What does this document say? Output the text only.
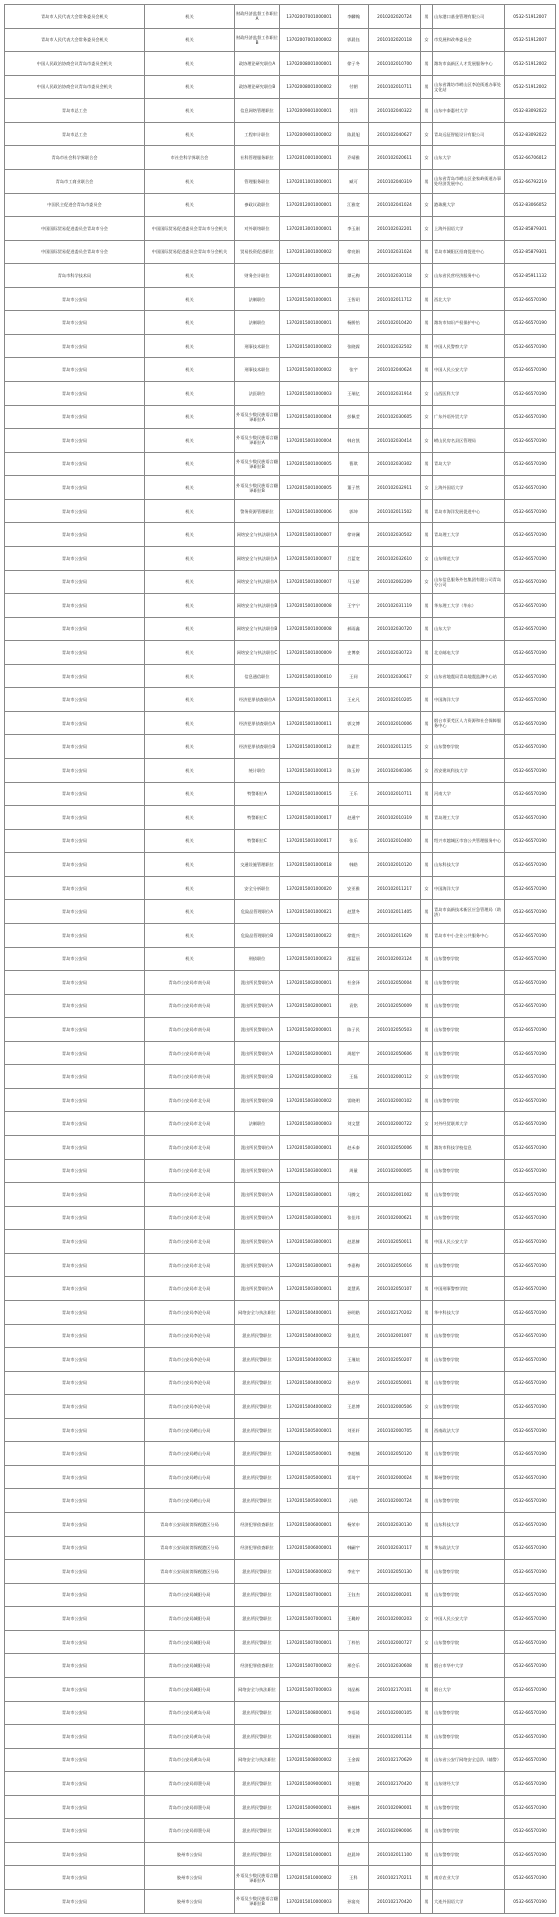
青岛市人民代表大会常务委员会机关	机关	财政经济监督工作职位A	13702007001000001	李麟翰	2010202020724	男	山东港口基金管理有限公司	0532-51912007
青岛市人民代表大会常务委员会机关	机关	财政经济监督工作职位B	13702007001000002	郭晨钰	2010102020118	女	市发展和改革委员会	0532-51912007
中国人民政治协商会议青岛市委员会机关	机关	政协理论研究职位A	13702008001000001	徐子冬	2010102010700	男	潍坊市高新区人才发展服务中心	0532-51912002
中国人民政治协商会议青岛市委员会机关	机关	政协理论研究职位B	13702008001000002	付朝	2010102010711	男	山东省潍坊市崂山区李沧街道办事处文化站	0532-51912002
青岛市总工会	机关	信息网络管理职位	13702009001000001	刘洋	2010102040322	男	山东中泰惠村大学	0532-83092022
青岛市总工会	机关	工程审计职位	13702009001000002	陈晨旭	2010102040627	女	青岛远征智能设计有限公司	0532-83092022
青岛市社会科学界联合会	市社会科学界联合会	社科管理服务职位	13702010001000001	乔靖雅	2010102020611	女	山东大学	0532-66706012
青岛市工商业联合会	机关	管理服务职位	13702011001000001	臧可	2010102040319	男	山东省青岛市崂山区金家岭街道办事处经济发展中心	0532-66792219
中国民主促进会青岛市委员会	机关	参政议政职位	13702012001000001	江雅宽	2010102041024	女	港珠澳大学	0532-83066052
中国国际贸易促进委员会青岛市分会	中国国际贸易促进委员会青岛市分会机关	对外联络职位	13702013001000001	李玉刚	2010102032201	女	上海外国语大学	0532-85879301
中国国际贸易促进委员会青岛市分会	中国国际贸易促进委员会青岛市分会机关	贸易投资促进职位	13702013001000002	徐亮娟	2010102031024	男	青岛市城阳区招商促进中心	0532-85879301
青岛市科学技术局	机关	财务会计职位	13702014001000001	谭元梅	2010102030118	女	山东省民营经济服务中心	0532-85911132
青岛市公安局	机关	法制职位	13702015001000001	王智玥	2010102011712	男	西北大学	0532-66570190
青岛市公安局	机关	法制职位	13702015001000001	杨勝怡	2010102010420	男	潍坊市知识产权保护中心	0532-66570190
青岛市公安局	机关	刑事技术职位	13702015001000002	张晓霖	2010102032502	男	中国人民警察大学	0532-66570190
青岛市公安局	机关	刑事技术职位	13702015001000002	张宇	2010102040624	男	中国人民公安大学	0532-66570190
青岛市公安局	机关	法医职位	13702015001000003	王瑞亿	2010102031914	女	山西医科大学	0532-66570190
青岛市公安局	机关	外语及少数民族语言翻译职位A	13702015001000004	彭佩莹	2010102030605	女	广东外语外贸大学	0532-66570190
青岛市公安局	机关	外语及少数民族语言翻译职位A	13702015001000004	韩启凯	2010102030414	女	崂山民房名县区管理局	0532-66570190
青岛市公安局	机关	外语及少数民族语言翻译职位B	13702015001000005	曹琪	2010102030302	男	青岛大学	0532-66570190
青岛市公安局	机关	外语及少数民族语言翻译职位B	13702015001000005	董子然	2010102032911	女	上海外国语大学	0532-66570190
青岛市公安局	机关	警务资源管理职位	13702015001000006	郭坤	2010102011502	男	青岛市海洋发展促进中心	0532-66570190
青岛市公安局	机关	网络安全与执法职位A	13702015001000007	徐诗澜	2010102030502	男	青岛理工大学	0532-66570190
青岛市公安局	机关	网络安全与执法职位A	13702015001000007	吕蓝宽	2010102032610	女	山东师范大学	0532-66570190
青岛市公安局	机关	网络安全与执法职位A	13702015001000007	马玉娇	2010102002209	女	山东信息服务外包集团有限公司青岛分公司	0532-66570190
青岛市公安局	机关	网络安全与执法职位B	13702015001000008	王宇宁	2010102031119	男	华东理工大学（华东）	0532-66570190
青岛市公安局	机关	网络安全与执法职位B	13702015001000008	郝雨鑫	2010102030720	男	山东大学	0532-66570190
青岛市公安局	机关	网络安全与执法职位C	13702015001000009	史博豪	2010102030723	男	北京邮电大学	0532-66570190
青岛市公安局	机关	信息通信职位	13702015001000010	王同	2010102030617	女	山东省地震局青岛地震监测中心站	0532-66570190
青岛市公安局	机关	经济犯罪侦查职位A	13702015001000011	王允凡	2010102010205	男	中国海洋大学	0532-66570190
青岛市公安局	机关	经济犯罪侦查职位A	13702015001000011	郭文博	2010102010006	男	烟台市莱芜区人力资源和社会保障服务中心	0532-66570190
青岛市公安局	机关	经济犯罪侦查职位B	13702015001000012	陈素世	2010102011215	女	山东警察学院	0532-66570190
青岛市公安局	机关	统计职位	13702015001000013	陈玉婷	2010102040306	女	西安建筑科技大学	0532-66570190
青岛市公安局	机关	特警职位A	13702015001000015	王乐	2010102010711	男	河南大学	0532-66570190
青岛市公安局	机关	特警职位C	13702015001000017	赵通宇	2010102010319	男	青岛理工大学	0532-66570190
青岛市公安局	机关	特警职位C	13702015001000017	张乐	2010102010400	男	绍兴市越城区市容公共管理服务中心	0532-66570190
青岛市公安局	机关	交通设施管理职位	13702015001000018	韩皓	2010102010120	男	山东科技大学	0532-66570190
青岛市公安局	机关	安全分析职位	13702015001000020	安亚雅	2010102011217	女	中国海洋大学	0532-66570190
青岛市公安局	机关	危险品管理职位A	13702015001000021	赵慧冬	2010102011405	男	青岛市高新技术新区应急管理局（助济）	0532-66570190
青岛市公安局	机关	危险品管理职位B	13702015001000022	徐霞兴	2010102011629	男	青岛市中小企业公共服务中心	0532-66570190
青岛市公安局	机关	刑侦职位	13702015001000023	邵蓝丽	2010102003124	男	山东警察学院	0532-66570190
青岛市公安局	青岛市公安局市南分局	派出所民警职位A	13702015002000001	杜金泽	2010102050004	男	山东警察学院	0532-66570190
青岛市公安局	青岛市公安局市南分局	派出所民警职位A	13702015002000001	袁铭	2010102050009	男	山东警察学院	0532-66570190
青岛市公安局	青岛市公安局市南分局	派出所民警职位A	13702015002000001	陈子民	2010102050503	男	山东警察学院	0532-66570190
青岛市公安局	青岛市公安局市南分局	派出所民警职位A	13702015002000001	周超宇	2010102050606	男	山东警察学院	0532-66570190
青岛市公安局	青岛市公安局市南分局	派出所民警职位B	13702015002000002	王磊	2010102000112	女	山东警察学院	0532-66570190
青岛市公安局	青岛市公安局市北分局	派出所民警职位B	13702015003000002	雷晓明	2010102000102	男	山东警察学院	0532-66570190
青岛市公安局	青岛市公安局市北分局	法制职位	13702015003000003	刘文慧	2010102000722	女	对外经贸联邦大学	0532-66570190
青岛市公安局	青岛市公安局市北分局	派出所民警职位A	13702015003000001	赵禾泰	2010102050006	男	潍坊市科技学校信息	0532-66570190
青岛市公安局	青岛市公安局市北分局	派出所民警职位A	13702015003000001	周量	2010102000005	男	山东警察学院	0532-66570190
青岛市公安局	青岛市公安局市北分局	派出所民警职位A	13702015003000001	马腾文	2010102001002	男	山东警察学院	0532-66570190
青岛市公安局	青岛市公安局市北分局	派出所民警职位A	13702015003000001	张佳玮	2010102000621	男	山东警察学院	0532-66570190
青岛市公安局	青岛市公安局市北分局	派出所民警职位A	13702015003000001	赵思赫	2010102050011	男	中国人民公安大学	0532-66570190
青岛市公安局	青岛市公安局市北分局	派出所民警职位A	13702015003000001	李嘉梅	2010102050016	男	山东警察学院	0532-66570190
青岛市公安局	青岛市公安局市北分局	派出所民警职位A	13702015003000001	姜慧禹	2010102050107	男	中国刑事警察学院	0532-66570190
青岛市公安局	青岛市公安局李沧分局	网络安全与执法职位	13702015004000001	孙明皓	2010102170202	男	华中科技大学	0532-66570190
青岛市公安局	青岛市公安局李沧分局	派出所民警职位	13702015004000002	张晨昊	2010102001007	男	山东警察学院	0532-66570190
青岛市公安局	青岛市公安局李沧分局	派出所民警职位	13702015004000002	王瑾煊	2010102050207	男	山东警察学院	0532-66570190
青岛市公安局	青岛市公安局李沧分局	派出所民警职位	13702015004000002	孙启华	2010102050001	男	山东警察学院	0532-66570190
青岛市公安局	青岛市公安局李沧分局	派出所民警职位	13702015004000002	王思博	2010102000506	女	山东警察学院	0532-66570190
青岛市公安局	青岛市公安局崂山分局	派出所民警职位	13702015005000001	刘亚轩	2010102000705	男	西南政法大学	0532-66570190
青岛市公安局	青岛市公安局崂山分局	派出所民警职位	13702015005000001	李超楠	2010102050120	男	山东警察学院	0532-66570190
青岛市公安局	青岛市公安局崂山分局	派出所民警职位	13702015005000001	雷琦宇	2010102000024	男	郑州警察学院	0532-66570190
青岛市公安局	青岛市公安局崂山分局	派出所民警职位	13702015005000001	冯皓	2010102000724	男	山东警察学院	0532-66570190
青岛市公安局	青岛市公安局前湾保税港区分局	经济犯罪侦查职位	13702015006000001	杨荣申	2010102030130	男	山东科技大学	0532-66570190
青岛市公安局	青岛市公安局前湾保税港区分局	经济犯罪侦查职位	13702015006000001	韩嗣宇	2010102030117	男	华东政法大学	0532-66570190
青岛市公安局	青岛市公安局前湾保税港区分局	派出所民警职位	13702015006000002	李宏宇	2010102050130	男	山东警察学院	0532-66570190
青岛市公安局	青岛市公安局城阳分局	派出所民警职位	13702015007000001	王钰杰	2010102000201	男	山东警察学院	0532-66570190
青岛市公安局	青岛市公安局城阳分局	派出所民警职位	13702015007000001	王璐婷	2010102000203	女	中国人民公安大学	0532-66570190
青岛市公安局	青岛市公安局城阳分局	派出所民警职位	13702015007000001	丁梓怡	2010102000727	女	山东警察学院	0532-66570190
青岛市公安局	青岛市公安局城阳分局	经济犯罪侦查职位	13702015007000002	邢会乐	2010102030608	男	烟台市华中大学	0532-66570190
青岛市公安局	青岛市公安局城阳分局	网络安全与执法职位	13702015007000003	刘品栋	2010102170101	男	烟台大学	0532-66570190
青岛市公安局	青岛市公安局黄岛分局	派出所民警职位	13702015008000001	李语琦	2010102000105	男	山东警察学院	0532-66570190
青岛市公安局	青岛市公安局黄岛分局	派出所民警职位	13702015008000001	刘丽娟	2010102001114	男	山东警察学院	0532-66570190
青岛市公安局	青岛市公安局黄岛分局	网络安全与执法职位	13702015008000002	王金霖	2010102170629	男	山东省公安厅网络安全总队（辅警）	0532-66570190
青岛市公安局	青岛市公安局即墨分局	派出所民警职位	13702015009000001	刘佰娥	2010102170420	男	山东财经大学	0532-66570190
青岛市公安局	青岛市公安局即墨分局	派出所民警职位	13702015009000001	孙楠林	2010102090001	男	山东警察学院	0532-66570190
青岛市公安局	青岛市公安局即墨分局	派出所民警职位	13702015009000001	崔文博	2010102090006	男	山东警察学院	0532-66570190
青岛市公安局	胶州市公安局	派出所民警职位	13702015010000001	赵晨坤	2010102011100	男	山东警察学院	0532-66570190
青岛市公安局	胶州市公安局	外语及少数民族语言翻译职位A	13702015010000002	王科	2010102170211	男	南京农业大学	0532-66570190
青岛市公安局	胶州市公安局	外语及少数民族语言翻译职位B	13702015010000003	孙宴亮	2010102170420	男	大连外国语大学	0532-66570190
